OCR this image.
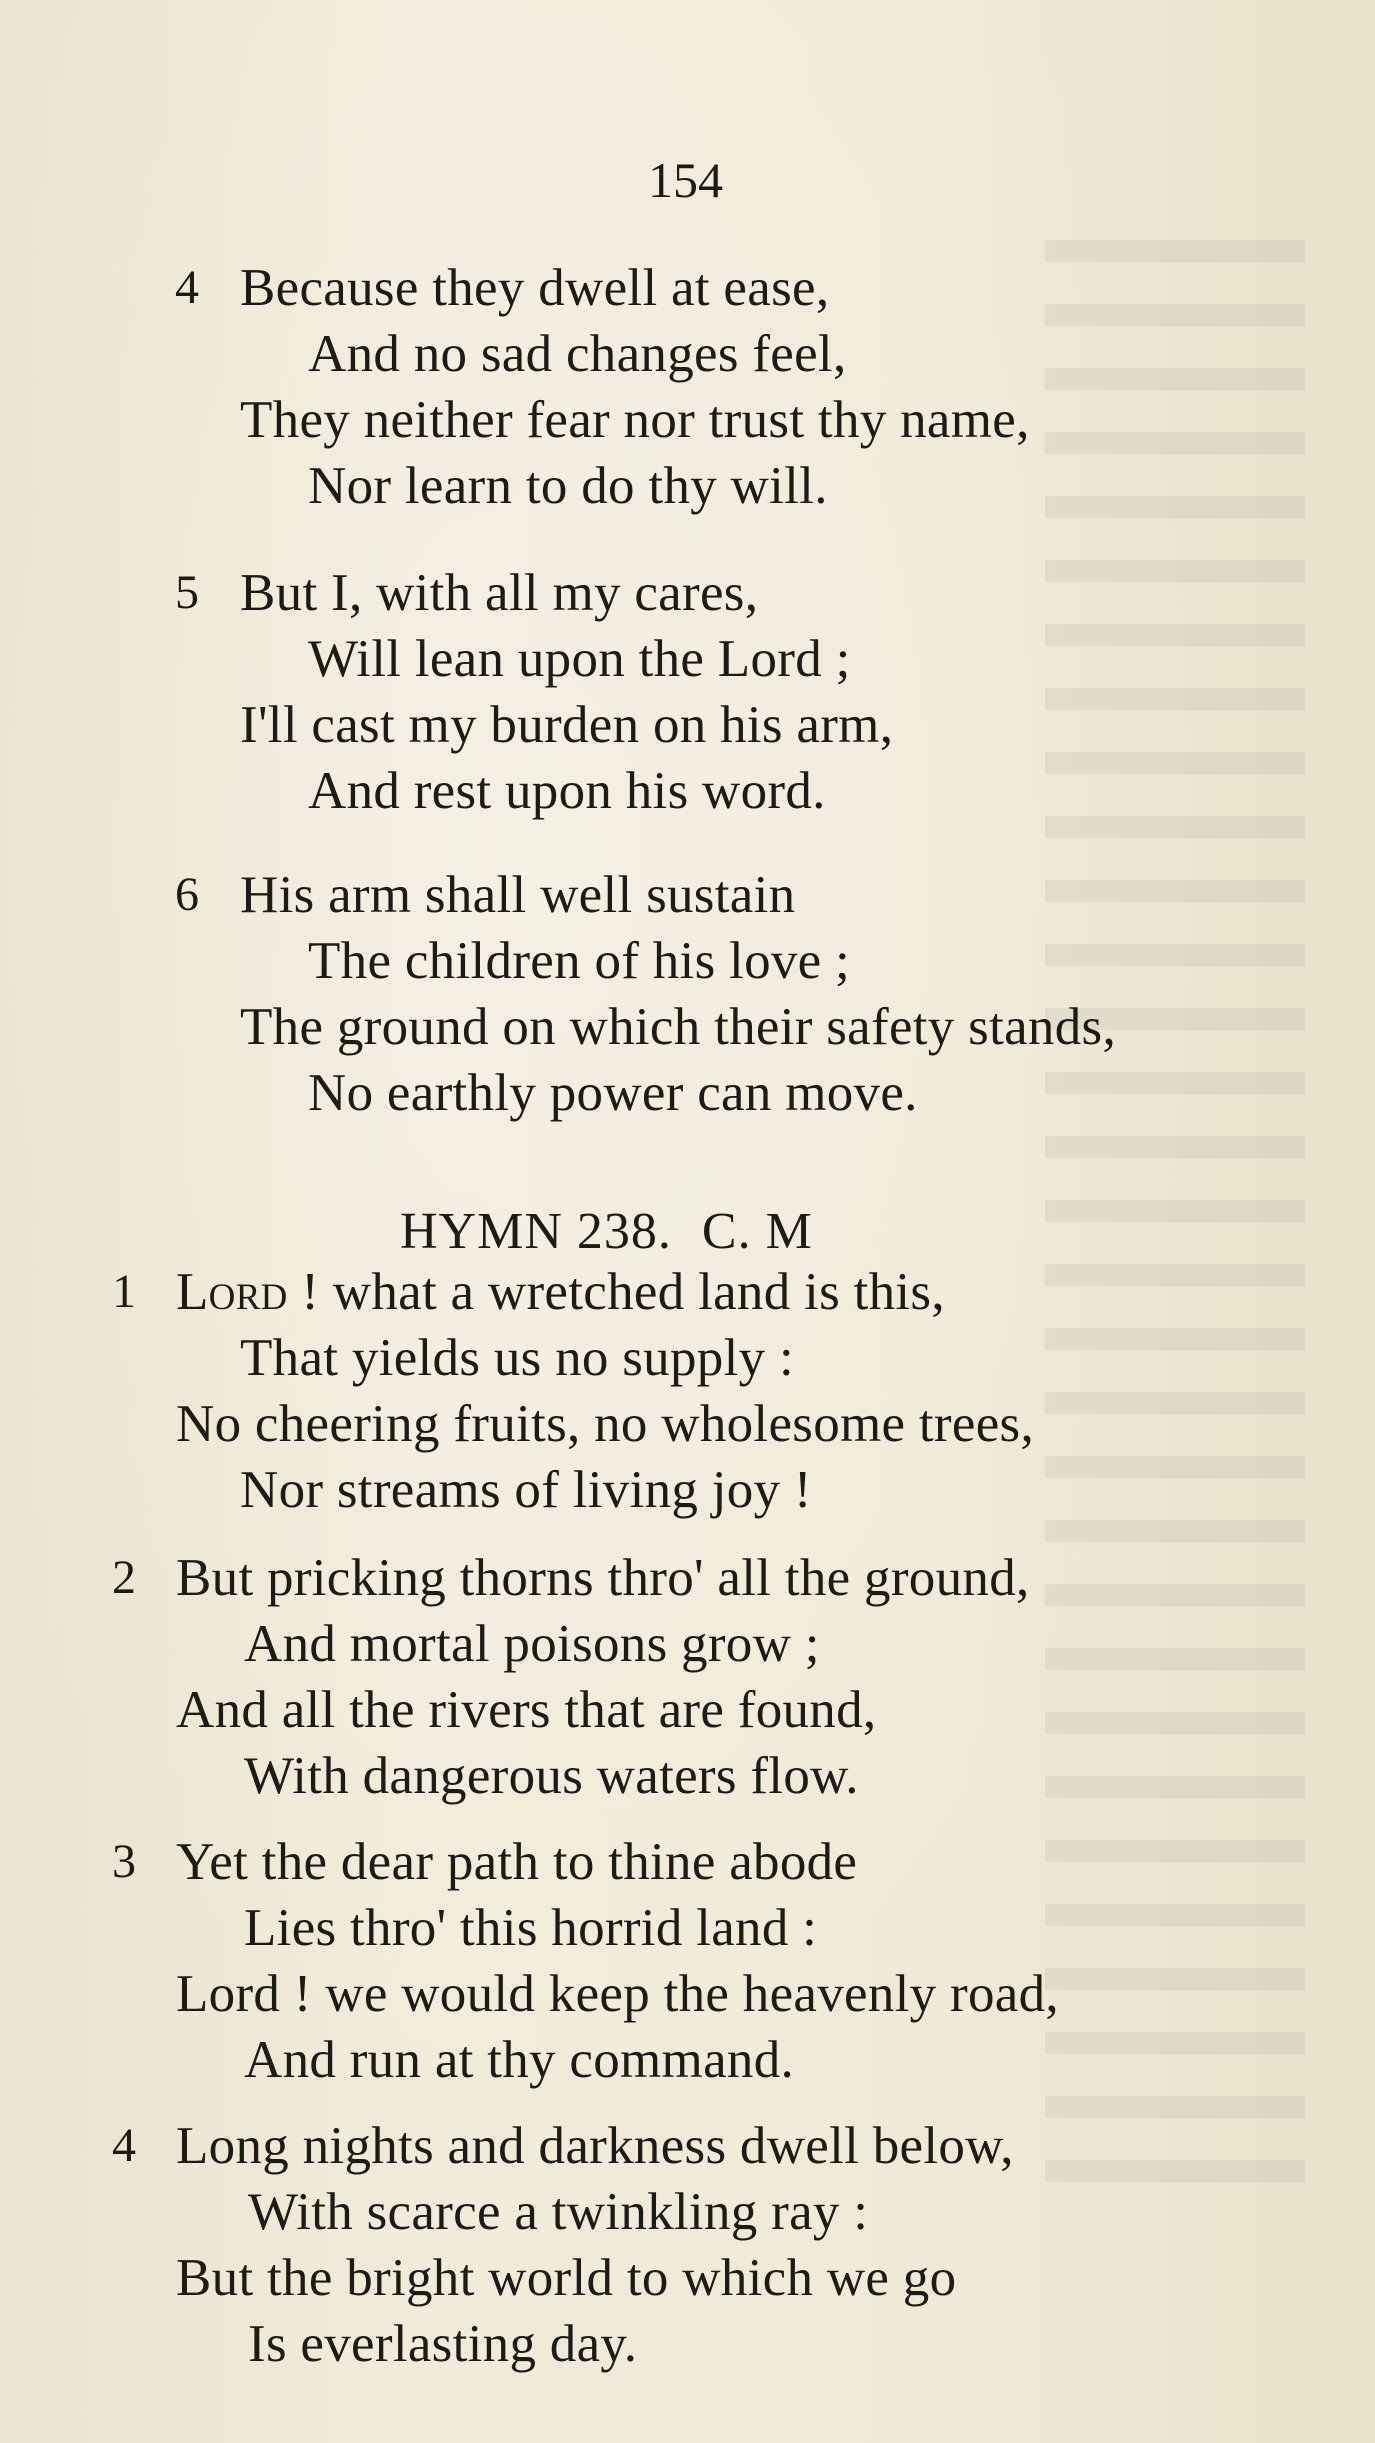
154
4 Because they dwell at ease,
And no sad changes feel,
They neither fear nor trust thy name,
Nor learn to do thy will.
5 But I, with all my cares,
Will lean upon the Lord ;
I'll cast my burden on his arm,
And rest upon his word.
6 His arm shall well sustain
The children of his love ;
The ground on which their safety stands,
No earthly power can move.
HYMN 238. C. M
1 Lord ! what a wretched land is this,
That yields us no supply :
No cheering fruits, no wholesome trees,
Nor streams of living joy !
2 But pricking thorns thro' all the ground,
And mortal poisons grow ;
And all the rivers that are found,
With dangerous waters flow.
3 Yet the dear path to thine abode
Lies thro' this horrid land :
Lord ! we would keep the heavenly road,
And run at thy command.
4 Long nights and darkness dwell below,
With scarce a twinkling ray :
But the bright world to which we go
Is everlasting day.
